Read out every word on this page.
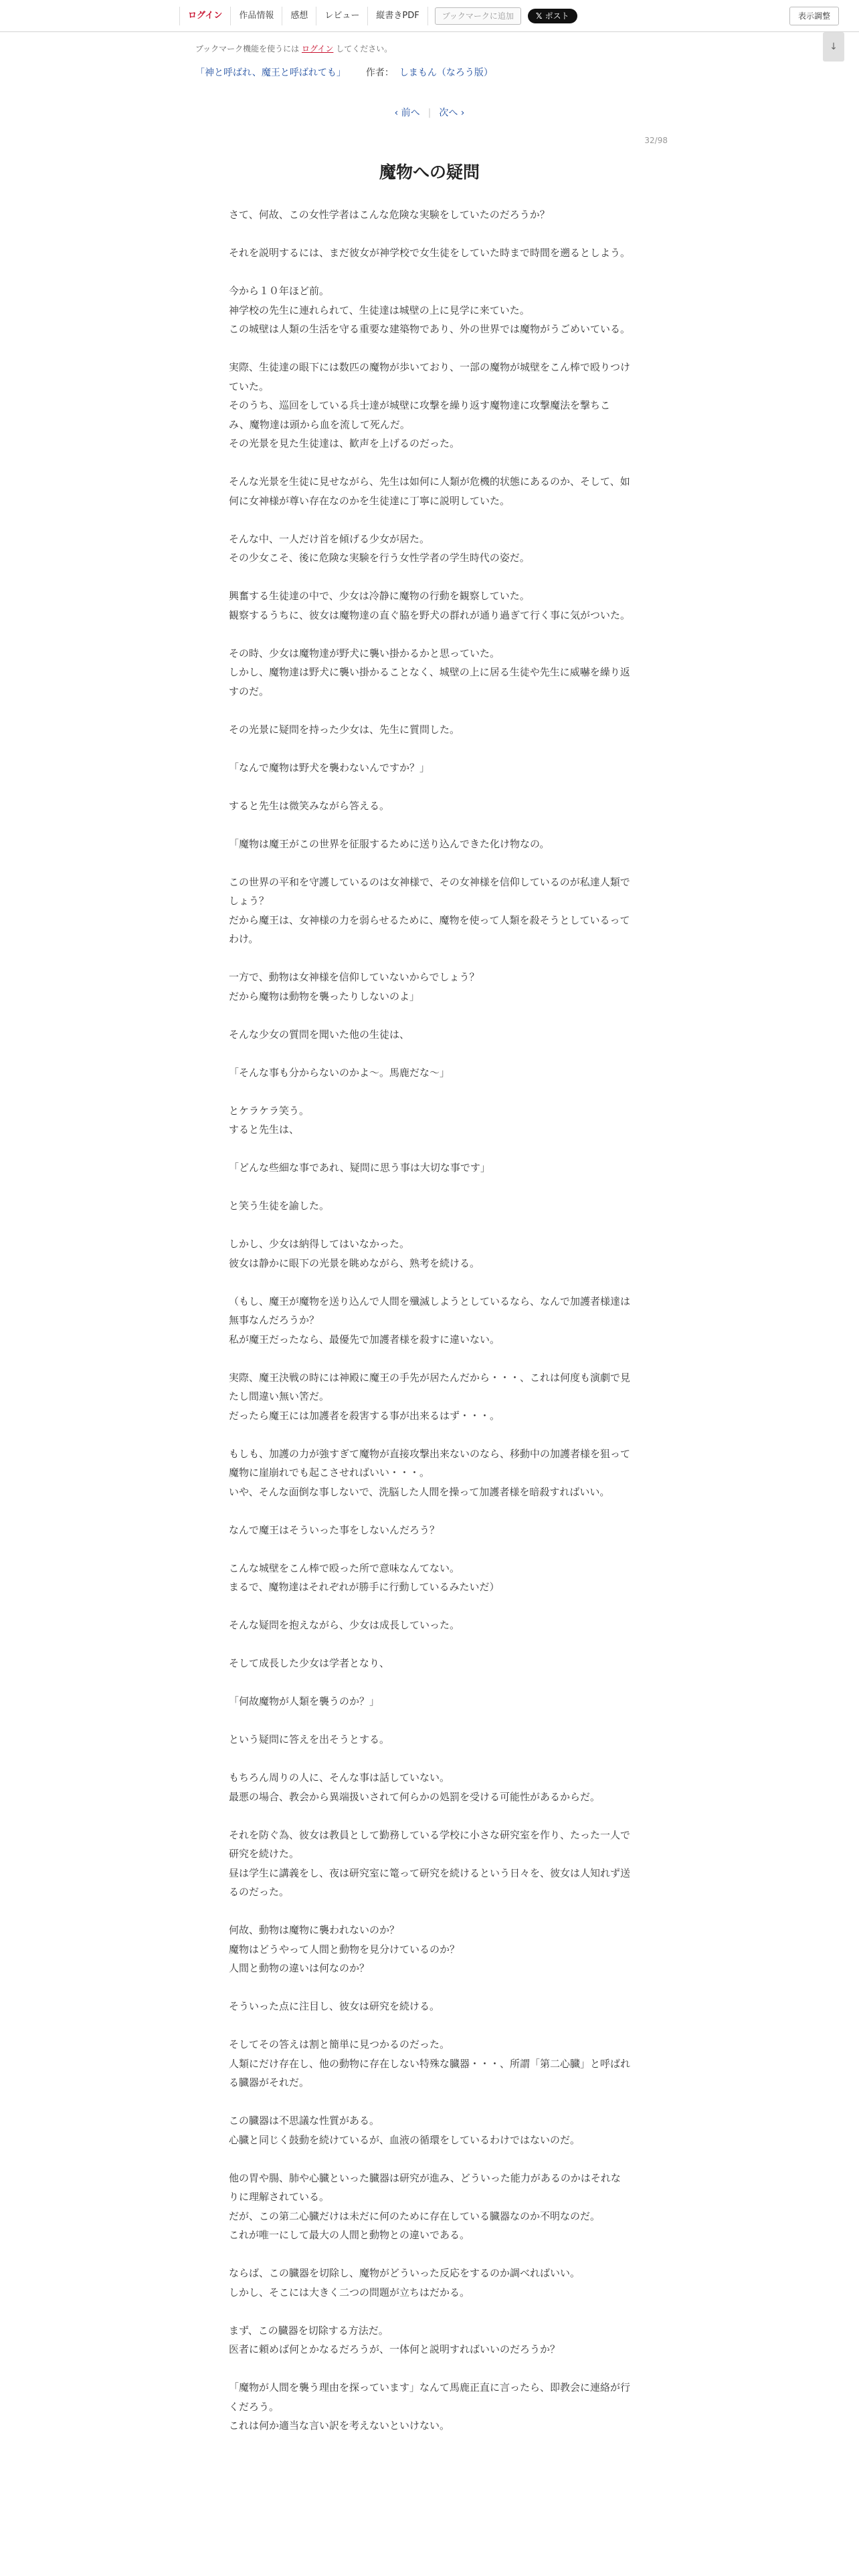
ログイン	作品情報	感想	レビュー	縦書きPDF	ブックマークに追加	𝕏 ポスト	表示調整
↓
ブックマーク機能を使うには ログイン してください。
「神と呼ばれ、魔王と呼ばれても」 作者： しまもん（なろう版）
‹ 前へ | 次へ ›
32/98
魔物への疑問

さて、何故、この女性学者はこんな危険な実験をしていたのだろうか？

それを説明するには、まだ彼女が神学校で女生徒をしていた時まで時間を遡るとしよう。

今から１０年ほど前。
神学校の先生に連れられて、生徒達は城壁の上に見学に来ていた。
この城壁は人類の生活を守る重要な建築物であり、外の世界では魔物がうごめいている。

実際、生徒達の眼下には数匹の魔物が歩いており、一部の魔物が城壁をこん棒で殴りつけていた。
そのうち、巡回をしている兵士達が城壁に攻撃を繰り返す魔物達に攻撃魔法を撃ちこみ、魔物達は頭から血を流して死んだ。
その光景を見た生徒達は、歓声を上げるのだった。

そんな光景を生徒に見せながら、先生は如何に人類が危機的状態にあるのか、そして、如何に女神様が尊い存在なのかを生徒達に丁寧に説明していた。

そんな中、一人だけ首を傾げる少女が居た。
その少女こそ、後に危険な実験を行う女性学者の学生時代の姿だ。

興奮する生徒達の中で、少女は冷静に魔物の行動を観察していた。
観察するうちに、彼女は魔物達の直ぐ脇を野犬の群れが通り過ぎて行く事に気がついた。

その時、少女は魔物達が野犬に襲い掛かるかと思っていた。
しかし、魔物達は野犬に襲い掛かることなく、城壁の上に居る生徒や先生に威嚇を繰り返すのだ。

その光景に疑問を持った少女は、先生に質問した。

「なんで魔物は野犬を襲わないんですか？」

すると先生は微笑みながら答える。

「魔物は魔王がこの世界を征服するために送り込んできた化け物なの。

この世界の平和を守護しているのは女神様で、その女神様を信仰しているのが私達人類でしょう？
だから魔王は、女神様の力を弱らせるために、魔物を使って人類を殺そうとしているってわけ。

一方で、動物は女神様を信仰していないからでしょう？
だから魔物は動物を襲ったりしないのよ」

そんな少女の質問を聞いた他の生徒は、

「そんな事も分からないのかよ～。馬鹿だな～」

とケラケラ笑う。
すると先生は、

「どんな些細な事であれ、疑問に思う事は大切な事です」

と笑う生徒を諭した。

しかし、少女は納得してはいなかった。
彼女は静かに眼下の光景を眺めながら、熟考を続ける。

（もし、魔王が魔物を送り込んで人間を殲滅しようとしているなら、なんで加護者様達は無事なんだろうか？
私が魔王だったなら、最優先で加護者様を殺すに違いない。

実際、魔王決戦の時には神殿に魔王の手先が居たんだから・・・、これは何度も演劇で見たし間違い無い筈だ。
だったら魔王には加護者を殺害する事が出来るはず・・・。

もしも、加護の力が強すぎて魔物が直接攻撃出来ないのなら、移動中の加護者様を狙って魔物に崖崩れでも起こさせればいい・・・。
いや、そんな面倒な事しないで、洗脳した人間を操って加護者様を暗殺すればいい。

なんで魔王はそういった事をしないんだろう？

こんな城壁をこん棒で殴った所で意味なんてない。
まるで、魔物達はそれぞれが勝手に行動しているみたいだ）

そんな疑問を抱えながら、少女は成長していった。

そして成長した少女は学者となり、

「何故魔物が人類を襲うのか？」

という疑問に答えを出そうとする。

もちろん周りの人に、そんな事は話していない。
最悪の場合、教会から異端扱いされて何らかの処罰を受ける可能性があるからだ。

それを防ぐ為、彼女は教員として勤務している学校に小さな研究室を作り、たった一人で研究を続けた。
昼は学生に講義をし、夜は研究室に篭って研究を続けるという日々を、彼女は人知れず送るのだった。

何故、動物は魔物に襲われないのか？
魔物はどうやって人間と動物を見分けているのか？
人間と動物の違いは何なのか？

そういった点に注目し、彼女は研究を続ける。

そしてその答えは割と簡単に見つかるのだった。
人類にだけ存在し、他の動物に存在しない特殊な臓器・・・、所謂「第二心臓」と呼ばれる臓器がそれだ。

この臓器は不思議な性質がある。
心臓と同じく鼓動を続けているが、血液の循環をしているわけではないのだ。

他の胃や腸、肺や心臓といった臓器は研究が進み、どういった能力があるのかはそれなりに理解されている。
だが、この第二心臓だけは未だに何のために存在している臓器なのか不明なのだ。
これが唯一にして最大の人間と動物との違いである。

ならば、この臓器を切除し、魔物がどういった反応をするのか調べればいい。
しかし、そこには大きく二つの問題が立ちはだかる。

まず、この臓器を切除する方法だ。
医者に頼めば何とかなるだろうが、一体何と説明すればいいのだろうか？

「魔物が人間を襲う理由を探っています」なんて馬鹿正直に言ったら、即教会に連絡が行くだろう。
これは何か適当な言い訳を考えないといけない。
